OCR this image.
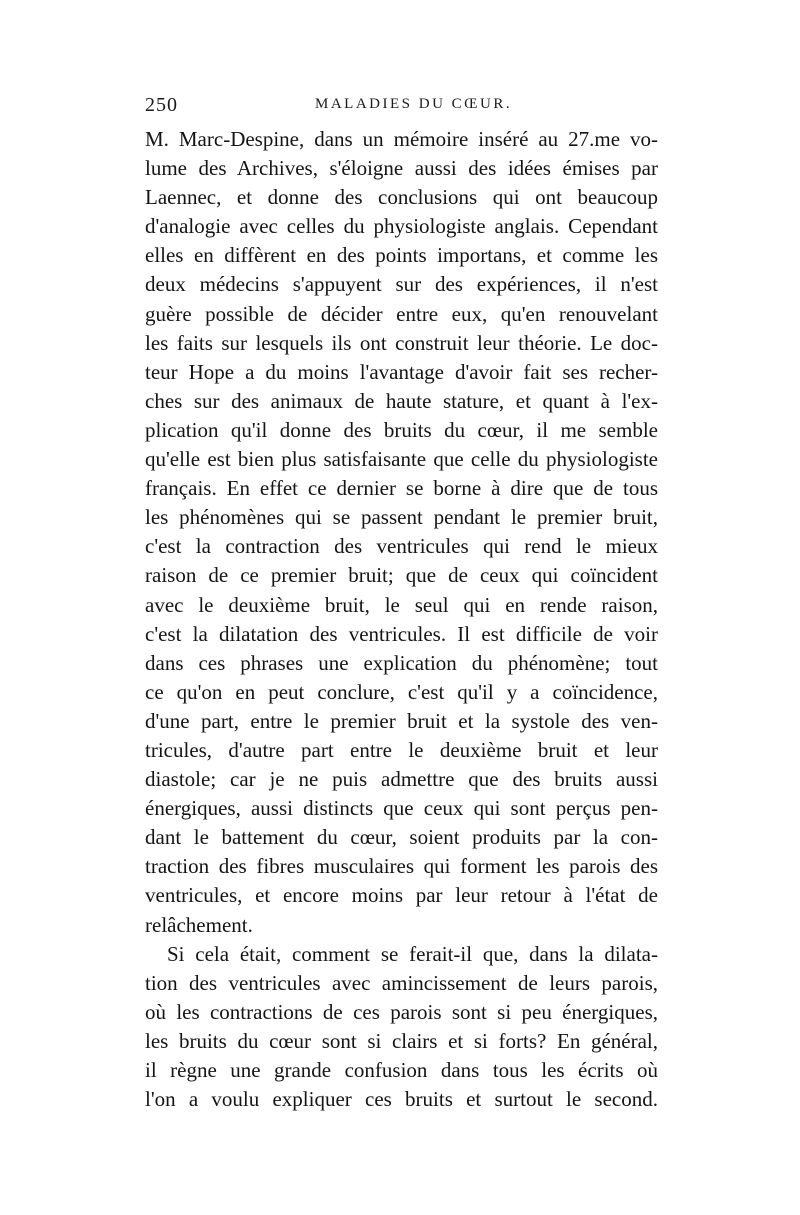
250	MALADIES DU CŒUR.
M. Marc-Despine, dans un mémoire inséré au 27.me vo-
lume des Archives, s'éloigne aussi des idées émises par
Laennec, et donne des conclusions qui ont beaucoup
d'analogie avec celles du physiologiste anglais. Cependant
elles en diffèrent en des points importans, et comme les
deux médecins s'appuyent sur des expériences, il n'est
guère possible de décider entre eux, qu'en renouvelant
les faits sur lesquels ils ont construit leur théorie. Le doc-
teur Hope a du moins l'avantage d'avoir fait ses recher-
ches sur des animaux de haute stature, et quant à l'ex-
plication qu'il donne des bruits du cœur, il me semble
qu'elle est bien plus satisfaisante que celle du physiologiste
français. En effet ce dernier se borne à dire que de tous
les phénomènes qui se passent pendant le premier bruit,
c'est la contraction des ventricules qui rend le mieux
raison de ce premier bruit; que de ceux qui coïncident
avec le deuxième bruit, le seul qui en rende raison,
c'est la dilatation des ventricules. Il est difficile de voir
dans ces phrases une explication du phénomène; tout
ce qu'on en peut conclure, c'est qu'il y a coïncidence,
d'une part, entre le premier bruit et la systole des ven-
tricules, d'autre part entre le deuxième bruit et leur
diastole; car je ne puis admettre que des bruits aussi
énergiques, aussi distincts que ceux qui sont perçus pen-
dant le battement du cœur, soient produits par la con-
traction des fibres musculaires qui forment les parois des
ventricules, et encore moins par leur retour à l'état de
relâchement.
Si cela était, comment se ferait-il que, dans la dilata-
tion des ventricules avec amincissement de leurs parois,
où les contractions de ces parois sont si peu énergiques,
les bruits du cœur sont si clairs et si forts? En général,
il règne une grande confusion dans tous les écrits où
l'on a voulu expliquer ces bruits et surtout le second.
